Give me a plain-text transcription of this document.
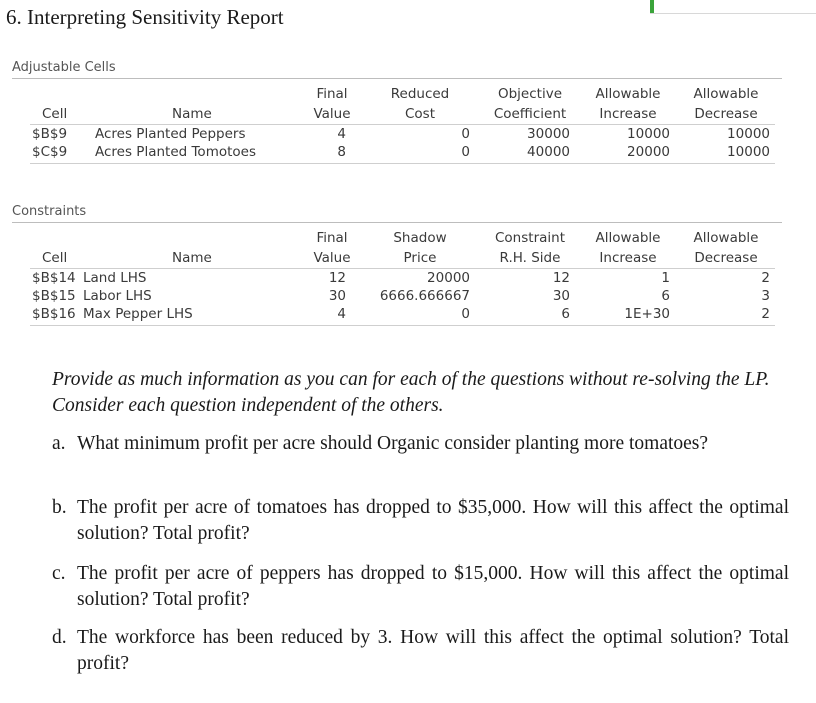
6. Interpreting Sensitivity Report
Adjustable Cells
Final	Reduced	Objective	Allowable	Allowable
Cell	Name	Value	Cost	Coefficient	Increase	Decrease
$B$9 Acres Planted Peppers	4	0	30000	10000	10000
$C$9 Acres Planted Tomotoes	8	0	40000	20000	10000
Constraints
Final	Shadow	Constraint	Allowable	Allowable
Cell	Name	Value	Price	R.H. Side	Increase	Decrease
$B$14 Land LHS	12	20000	12	1	2
$B$15 Labor LHS	30	6666.666667	30	6	3
$B$16 Max Pepper LHS	4	0	6	1E+30	2
Provide as much information as you can for each of the questions without re-solving the LP. Consider each question independent of the others.
a. What minimum profit per acre should Organic consider planting more tomatoes?
b. The profit per acre of tomatoes has dropped to $35,000. How will this affect the optimal solution? Total profit?
c. The profit per acre of peppers has dropped to $15,000. How will this affect the optimal solution? Total profit?
d. The workforce has been reduced by 3. How will this affect the optimal solution? Total profit?
